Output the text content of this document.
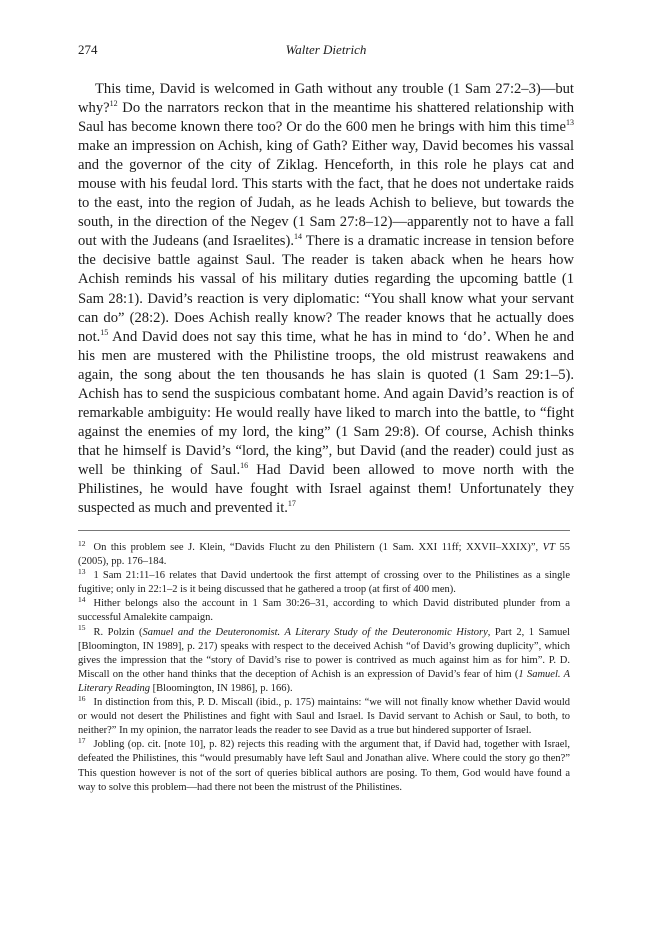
274	Walter Dietrich

This time, David is welcomed in Gath without any trouble (1 Sam 27:2–3)—but why?$^{12}$ Do the narrators reckon that in the meantime his shattered relationship with Saul has become known there too? Or do the 600 men he brings with him this time$^{13}$ make an impression on Achish, king of Gath? Either way, David becomes his vassal and the governor of the city of Ziklag. Henceforth, in this role he plays cat and mouse with his feudal lord. This starts with the fact, that he does not undertake raids to the east, into the region of Judah, as he leads Achish to believe, but towards the south, in the direction of the Negev (1 Sam 27:8–12)—apparently not to have a fall out with the Judeans (and Israelites).$^{14}$ There is a dramatic increase in tension before the decisive battle against Saul. The reader is taken aback when he hears how Achish reminds his vassal of his military duties regarding the upcoming battle (1 Sam 28:1). David’s reaction is very diplomatic: “You shall know what your servant can do” (28:2). Does Achish really know? The reader knows that he actually does not.$^{15}$ And David does not say this time, what he has in mind to ‘do’. When he and his men are mustered with the Philistine troops, the old mistrust reawakens and again, the song about the ten thousands he has slain is quoted (1 Sam 29:1–5). Achish has to send the suspicious combatant home. And again David’s reaction is of remarkable ambiguity: He would really have liked to march into the battle, to “fight against the enemies of my lord, the king” (1 Sam 29:8). Of course, Achish thinks that he himself is David’s “lord, the king”, but David (and the reader) could just as well be thinking of Saul.$^{16}$ Had David been allowed to move north with the Philistines, he would have fought with Israel against them! Unfortunately they suspected as much and prevented it.$^{17}$

$^{12}$ On this problem see J. Klein, “Davids Flucht zu den Philistern (1 Sam. XXI 11ff; XXVII–XXIX)”, VT 55 (2005), pp. 176–184.

$^{13}$ 1 Sam 21:11–16 relates that David undertook the first attempt of crossing over to the Philistines as a single fugitive; only in 22:1–2 is it being discussed that he gathered a troop (at first of 400 men).

$^{14}$ Hither belongs also the account in 1 Sam 30:26–31, according to which David distributed plunder from a successful Amalekite campaign.

$^{15}$ R. Polzin (Samuel and the Deuteronomist. A Literary Study of the Deuteronomic History, Part 2, 1 Samuel [Bloomington, IN 1989], p. 217) speaks with respect to the deceived Achish “of David’s growing duplicity”, which gives the impression that the “story of David’s rise to power is contrived as much against him as for him”. P. D. Miscall on the other hand thinks that the deception of Achish is an expression of David’s fear of him (1 Samuel. A Literary Reading [Bloomington, IN 1986], p. 166).

$^{16}$ In distinction from this, P. D. Miscall (ibid., p. 175) maintains: “we will not finally know whether David would or would not desert the Philistines and fight with Saul and Israel. Is David servant to Achish or Saul, to both, to neither?” In my opinion, the narrator leads the reader to see David as a true but hindered supporter of Israel.

$^{17}$ Jobling (op. cit. [note 10], p. 82) rejects this reading with the argument that, if David had, together with Israel, defeated the Philistines, this “would presumably have left Saul and Jonathan alive. Where could the story go then?” This question however is not of the sort of queries biblical authors are posing. To them, God would have found a way to solve this problem—had there not been the mistrust of the Philistines.
